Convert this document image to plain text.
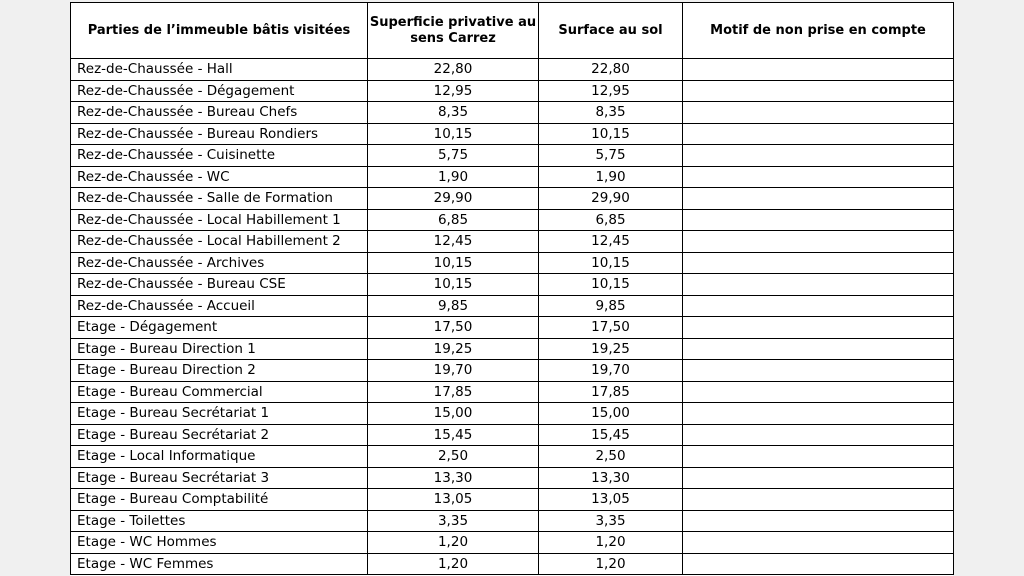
Parties de l’immeuble bâtis visitées	Superficie privative au sens Carrez	Surface au sol	Motif de non prise en compte
Rez-de-Chaussée - Hall	22,80	22,80	
Rez-de-Chaussée - Dégagement	12,95	12,95	
Rez-de-Chaussée - Bureau Chefs	8,35	8,35	
Rez-de-Chaussée - Bureau Rondiers	10,15	10,15	
Rez-de-Chaussée - Cuisinette	5,75	5,75	
Rez-de-Chaussée - WC	1,90	1,90	
Rez-de-Chaussée - Salle de Formation	29,90	29,90	
Rez-de-Chaussée - Local Habillement 1	6,85	6,85	
Rez-de-Chaussée - Local Habillement 2	12,45	12,45	
Rez-de-Chaussée - Archives	10,15	10,15	
Rez-de-Chaussée - Bureau CSE	10,15	10,15	
Rez-de-Chaussée - Accueil	9,85	9,85	
Etage - Dégagement	17,50	17,50	
Etage - Bureau Direction 1	19,25	19,25	
Etage - Bureau Direction 2	19,70	19,70	
Etage - Bureau Commercial	17,85	17,85	
Etage - Bureau Secrétariat 1	15,00	15,00	
Etage - Bureau Secrétariat 2	15,45	15,45	
Etage - Local Informatique	2,50	2,50	
Etage - Bureau Secrétariat 3	13,30	13,30	
Etage - Bureau Comptabilité	13,05	13,05	
Etage - Toilettes	3,35	3,35	
Etage - WC Hommes	1,20	1,20	
Etage - WC Femmes	1,20	1,20	
